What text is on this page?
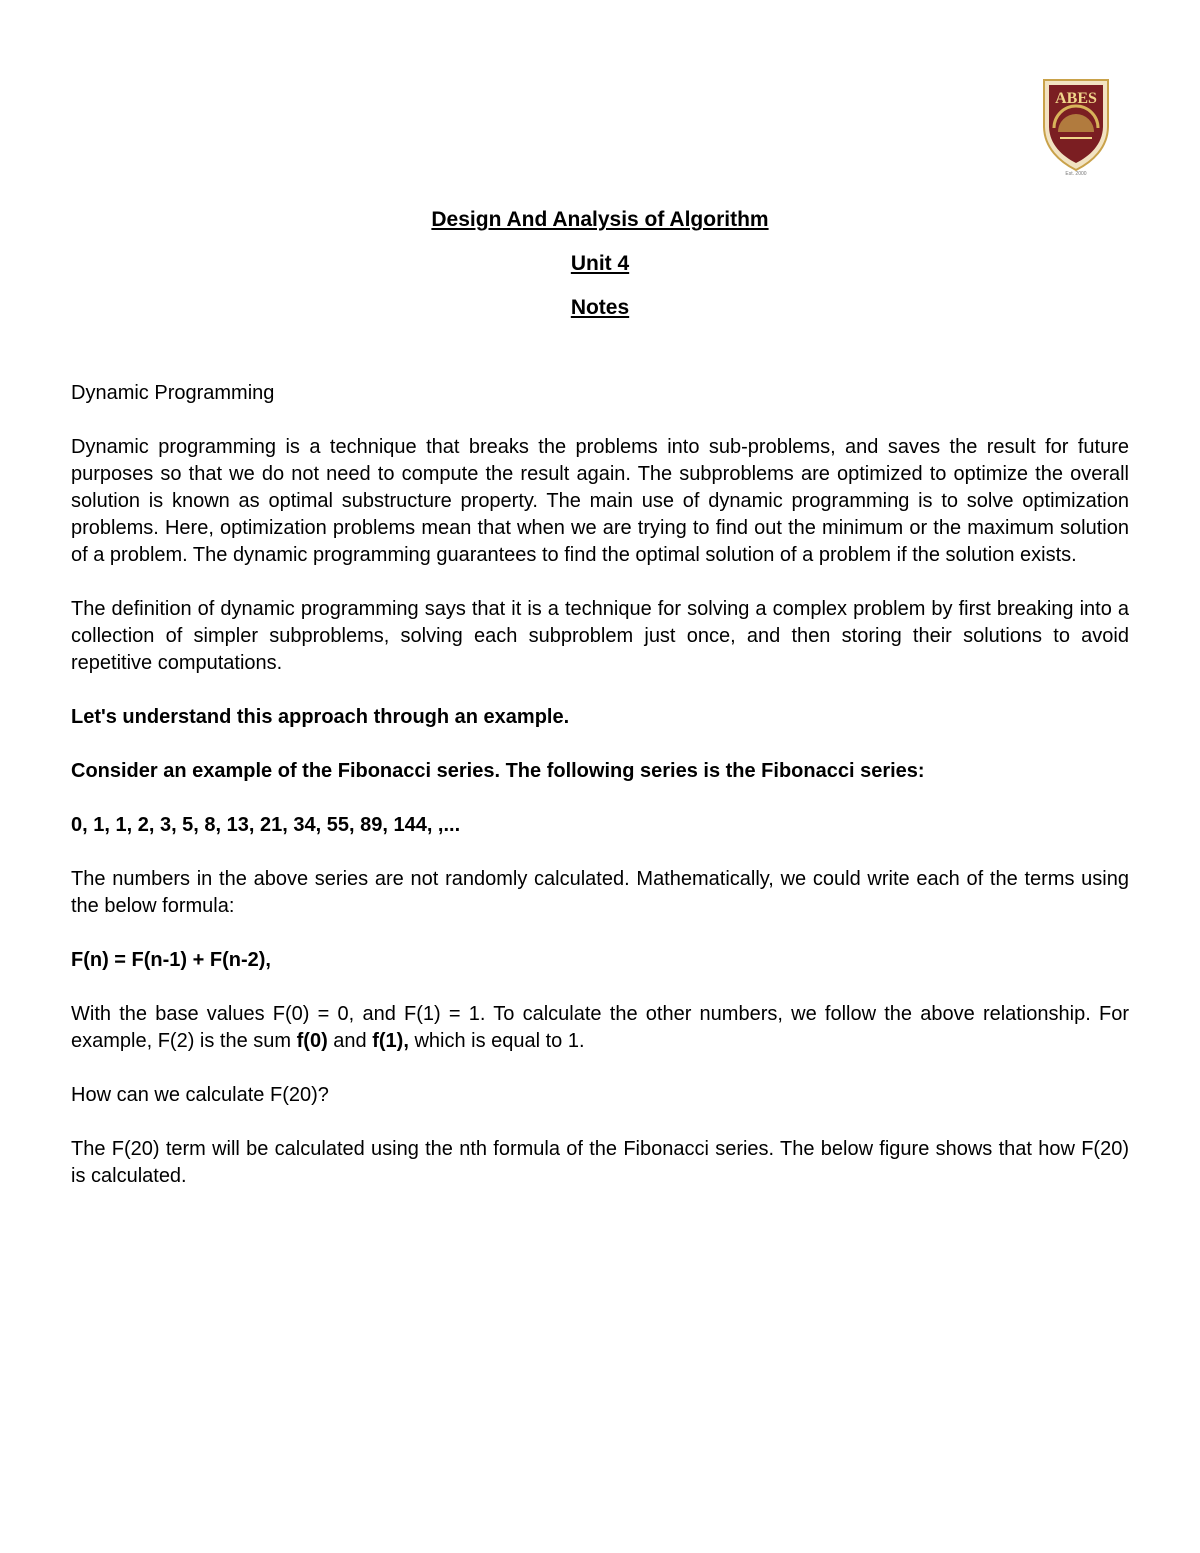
ABES
Est. 2000
Design And Analysis of Algorithm
Unit 4
Notes

Dynamic Programming

Dynamic programming is a technique that breaks the problems into sub-problems, and saves the result for future purposes so that we do not need to compute the result again. The subproblems are optimized to optimize the overall solution is known as optimal substructure property. The main use of dynamic programming is to solve optimization problems. Here, optimization problems mean that when we are trying to find out the minimum or the maximum solution of a problem. The dynamic programming guarantees to find the optimal solution of a problem if the solution exists.

The definition of dynamic programming says that it is a technique for solving a complex problem by first breaking into a collection of simpler subproblems, solving each subproblem just once, and then storing their solutions to avoid repetitive computations.

Let's understand this approach through an example.

Consider an example of the Fibonacci series. The following series is the Fibonacci series:

0, 1, 1, 2, 3, 5, 8, 13, 21, 34, 55, 89, 144, ,...

The numbers in the above series are not randomly calculated. Mathematically, we could write each of the terms using the below formula:

F(n) = F(n-1) + F(n-2),

With the base values F(0) = 0, and F(1) = 1. To calculate the other numbers, we follow the above relationship. For example, F(2) is the sum f(0) and f(1), which is equal to 1.

How can we calculate F(20)?

The F(20) term will be calculated using the nth formula of the Fibonacci series. The below figure shows that how F(20) is calculated.
